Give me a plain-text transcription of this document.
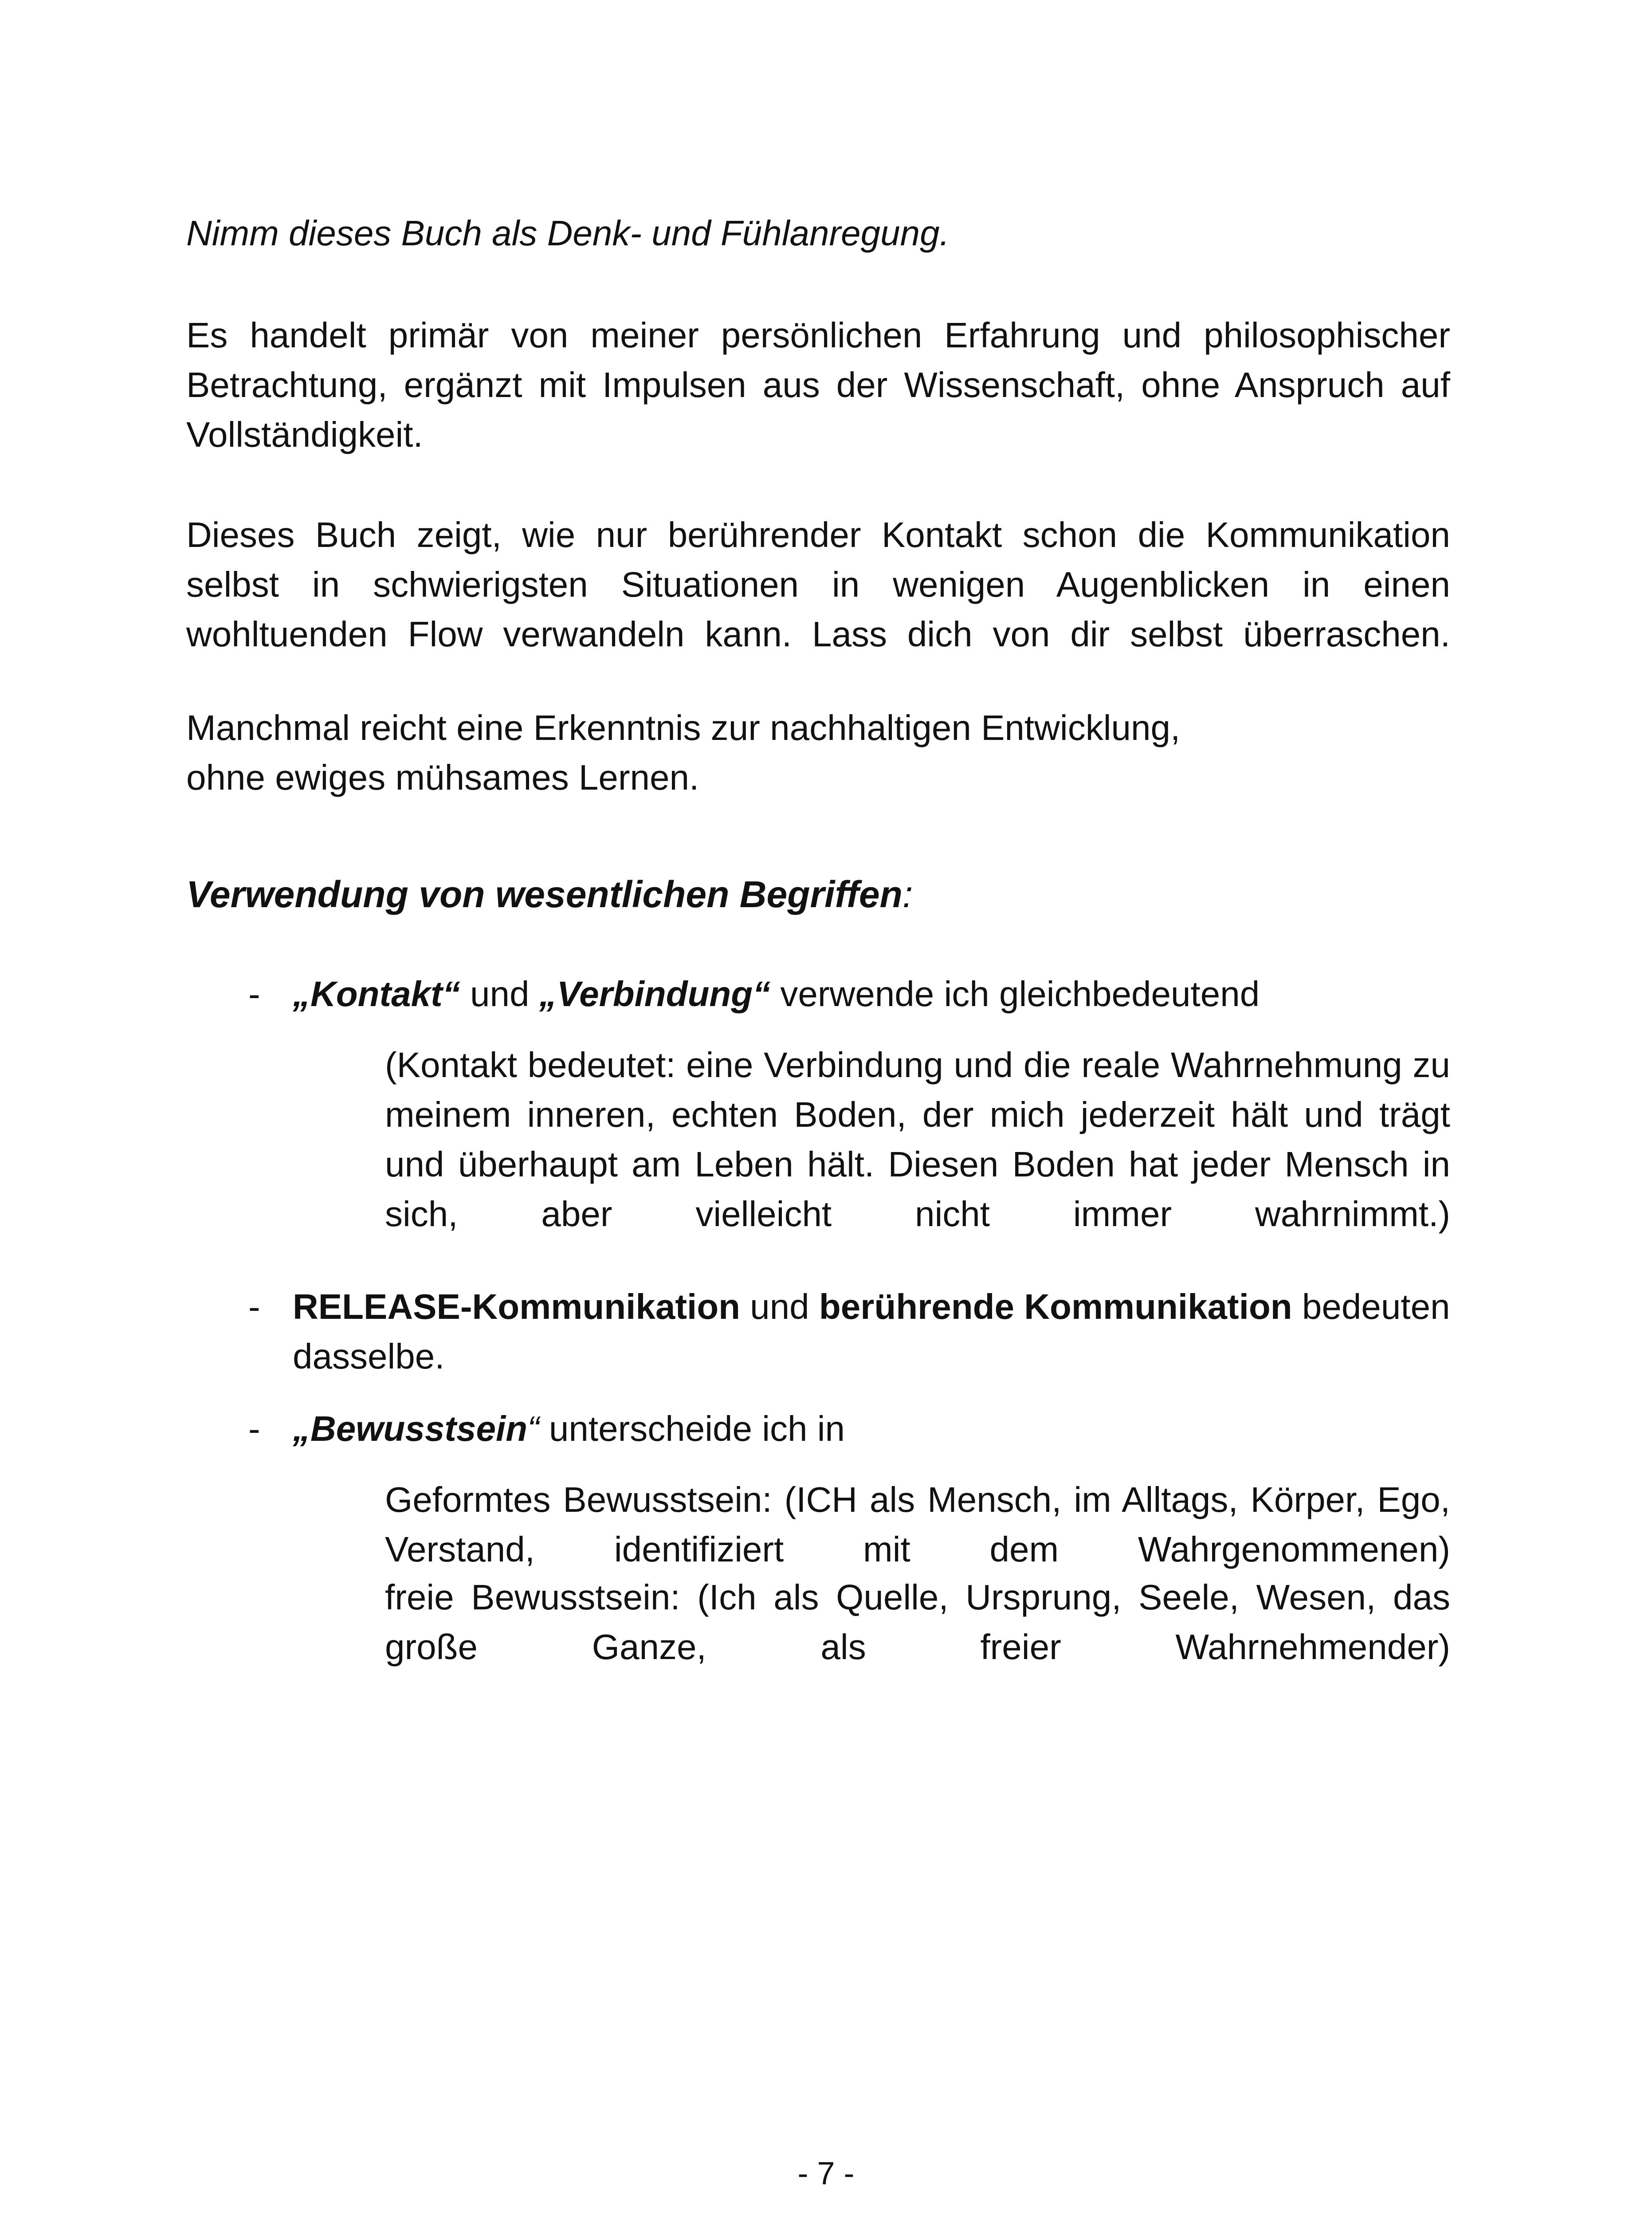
Nimm dieses Buch als Denk- und Fühlanregung.

Es handelt primär von meiner persönlichen Erfahrung und philosophischer Betrachtung, ergänzt mit Impulsen aus der Wissenschaft, ohne Anspruch auf Vollständigkeit.

Dieses Buch zeigt, wie nur berührender Kontakt schon die Kommunikation selbst in schwierigsten Situationen in wenigen Augenblicken in einen wohltuenden Flow verwandeln kann. Lass dich von dir selbst überraschen.

Manchmal reicht eine Erkenntnis zur nachhaltigen Entwicklung,
ohne ewiges mühsames Lernen.
Verwendung von wesentlichen Begriffen:
- „Kontakt“ und „Verbindung“ verwende ich gleichbedeutend

(Kontakt bedeutet: eine Verbindung und die reale Wahrnehmung zu meinem inneren, echten Boden, der mich jederzeit hält und trägt und überhaupt am Leben hält. Diesen Boden hat jeder Mensch in sich, aber vielleicht nicht immer wahrnimmt.)

- RELEASE-Kommunikation und berührende Kommunikation bedeuten dasselbe.
- „Bewusstsein“ unterscheide ich in

Geformtes Bewusstsein: (ICH als Mensch, im Alltags, Körper, Ego, Verstand, identifiziert mit dem Wahrgenommenen)

freie Bewusstsein: (Ich als Quelle, Ursprung, Seele, Wesen, das große Ganze, als freier Wahrnehmender)

- 7 -
